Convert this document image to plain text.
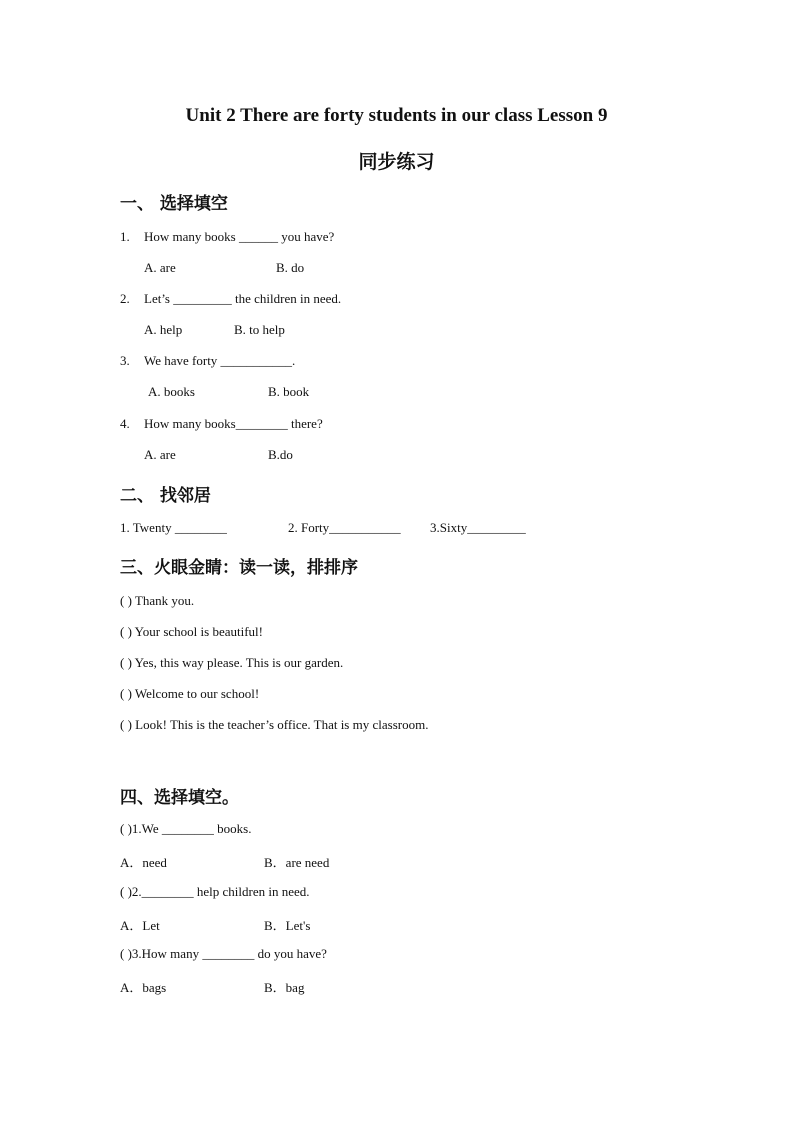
Unit 2 There are forty students in our class Lesson 9
同步练习
一、 选择填空
1. How many books ______ you have?
A. are	B. do
2. Let’s _________ the children in need.
A. help	B. to help
3. We have forty ___________.
A. books	B. book
4. How many books________ there?
A. are	B.do
二、 找邻居
1. Twenty ________	2. Forty___________ 3.Sixty_________
三、火眼金睛：读一读，排排序
( ) Thank you.
( ) Your school is beautiful!
( ) Yes, this way please. This is our garden.
( ) Welcome to our school!
( ) Look! This is the teacher’s office. That is my classroom.
四、选择填空。
( )1.We ________ books.
A．need	B．are need
( )2.________ help children in need.
A．Let	B．Let's
( )3.How many ________ do you have?
A．bags	B．bag
